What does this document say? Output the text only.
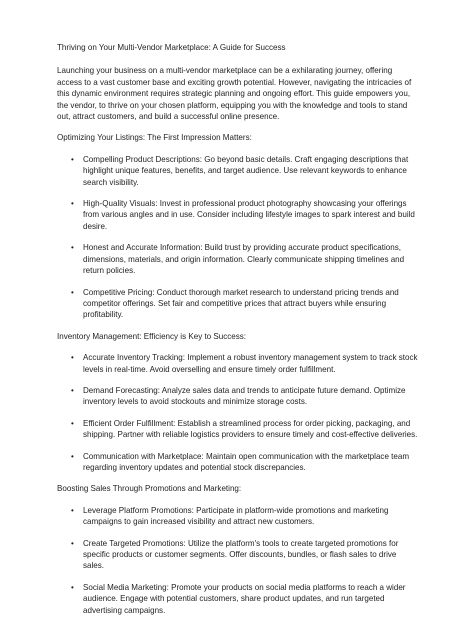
Thriving on Your Multi-Vendor Marketplace: A Guide for Success

Launching your business on a multi-vendor marketplace can be a exhilarating journey, offering access to a vast customer base and exciting growth potential. However, navigating the intricacies of this dynamic environment requires strategic planning and ongoing effort. This guide empowers you, the vendor, to thrive on your chosen platform, equipping you with the knowledge and tools to stand out, attract customers, and build a successful online presence.

Optimizing Your Listings: The First Impression Matters:

• Compelling Product Descriptions: Go beyond basic details. Craft engaging descriptions that highlight unique features, benefits, and target audience. Use relevant keywords to enhance search visibility.
• High-Quality Visuals: Invest in professional product photography showcasing your offerings from various angles and in use. Consider including lifestyle images to spark interest and build desire.
• Honest and Accurate Information: Build trust by providing accurate product specifications, dimensions, materials, and origin information. Clearly communicate shipping timelines and return policies.
• Competitive Pricing: Conduct thorough market research to understand pricing trends and competitor offerings. Set fair and competitive prices that attract buyers while ensuring profitability.

Inventory Management: Efficiency is Key to Success:

• Accurate Inventory Tracking: Implement a robust inventory management system to track stock levels in real-time. Avoid overselling and ensure timely order fulfillment.
• Demand Forecasting: Analyze sales data and trends to anticipate future demand. Optimize inventory levels to avoid stockouts and minimize storage costs.
• Efficient Order Fulfillment: Establish a streamlined process for order picking, packaging, and shipping. Partner with reliable logistics providers to ensure timely and cost-effective deliveries.
• Communication with Marketplace: Maintain open communication with the marketplace team regarding inventory updates and potential stock discrepancies.

Boosting Sales Through Promotions and Marketing:

• Leverage Platform Promotions: Participate in platform-wide promotions and marketing campaigns to gain increased visibility and attract new customers.
• Create Targeted Promotions: Utilize the platform's tools to create targeted promotions for specific products or customer segments. Offer discounts, bundles, or flash sales to drive sales.
• Social Media Marketing: Promote your products on social media platforms to reach a wider audience. Engage with potential customers, share product updates, and run targeted advertising campaigns.
